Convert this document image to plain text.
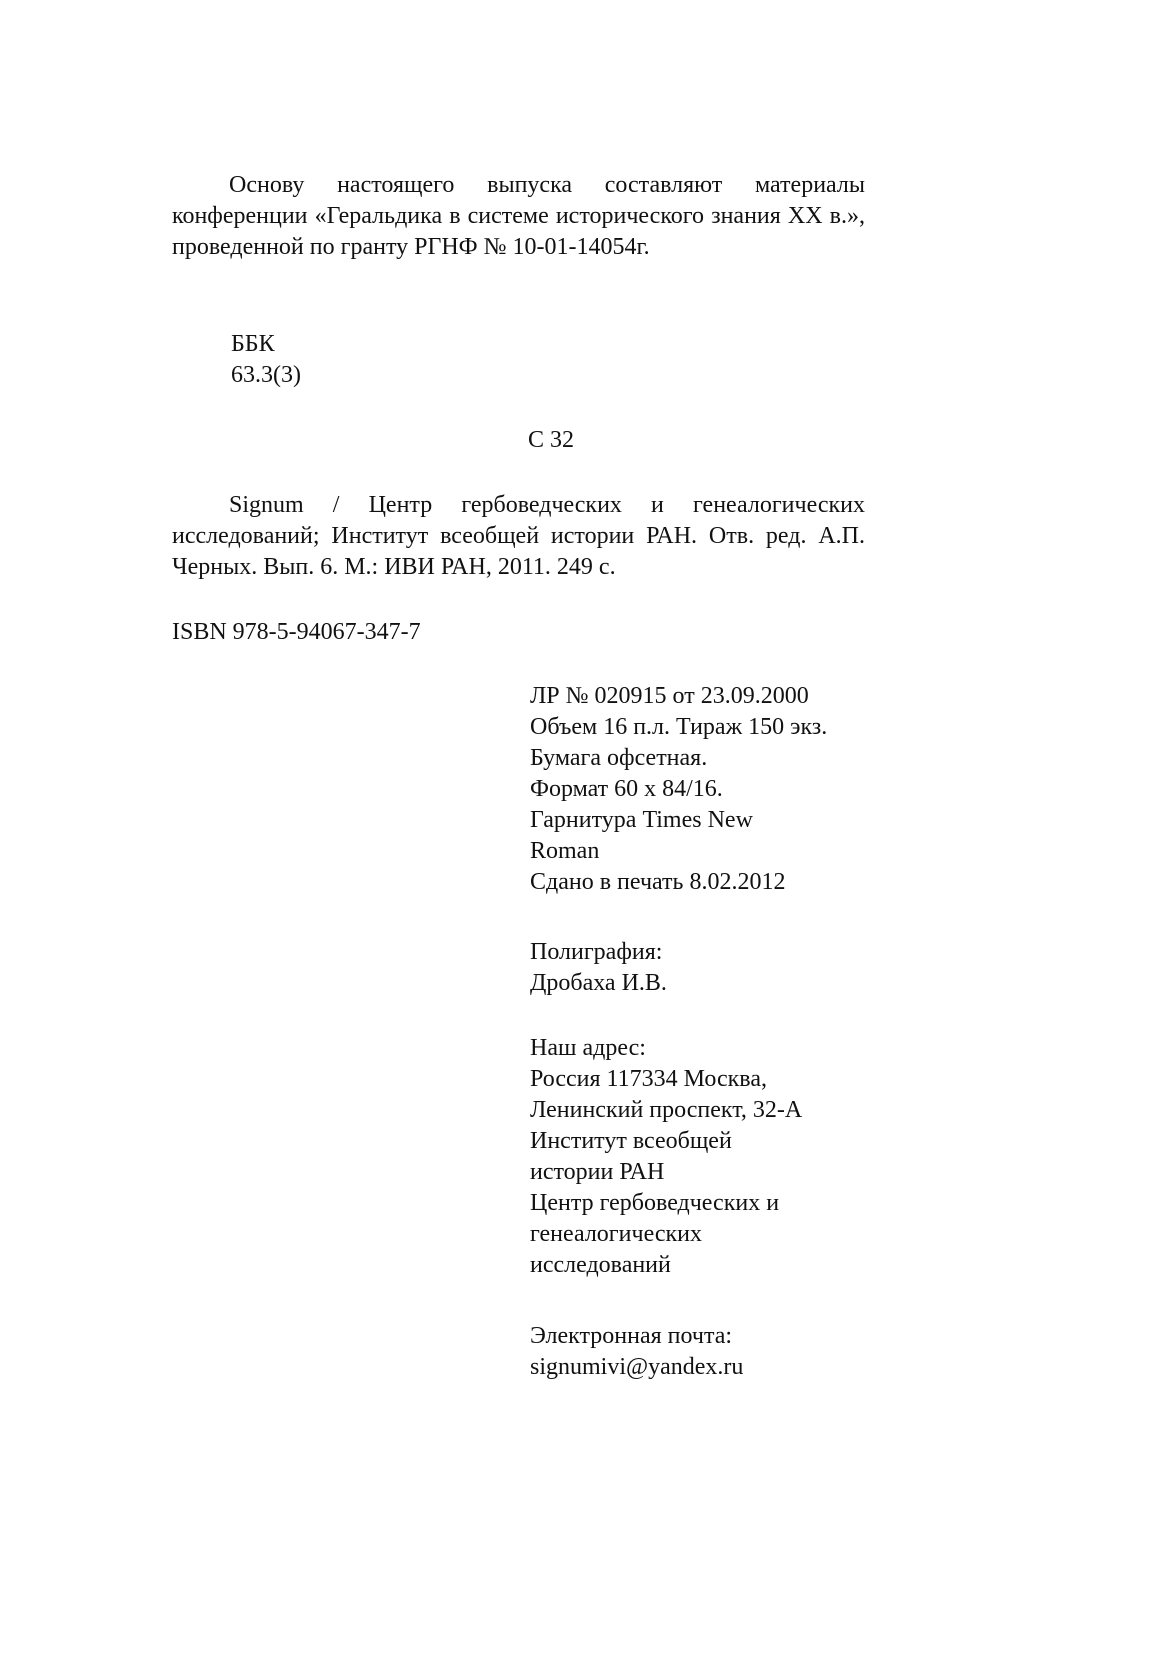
Основу настоящего выпуска составляют материалы конференции «Геральдика в системе исторического знания XX в.», проведенной по гранту РГНФ № 10-01-14054г.

ББК
63.3(3)
С 32

Signum / Центр гербоведческих и генеалогических исследований; Институт всеобщей истории РАН. Отв. ред. А.П. Черных. Вып. 6. М.: ИВИ РАН, 2011. 249 с.

ISBN 978-5-94067-347-7
ЛР № 020915 от 23.09.2000
Объем 16 п.л. Тираж 150 экз.
Бумага офсетная.
Формат 60 х 84/16.
Гарнитура Times New
Roman
Сдано в печать 8.02.2012
Полиграфия:
Дробаха И.В.
Наш адрес:
Россия 117334 Москва,
Ленинский проспект, 32-А
Институт всеобщей
истории РАН
Центр гербоведческих и
генеалогических
исследований
Электронная почта:
signumivi@yandex.ru
